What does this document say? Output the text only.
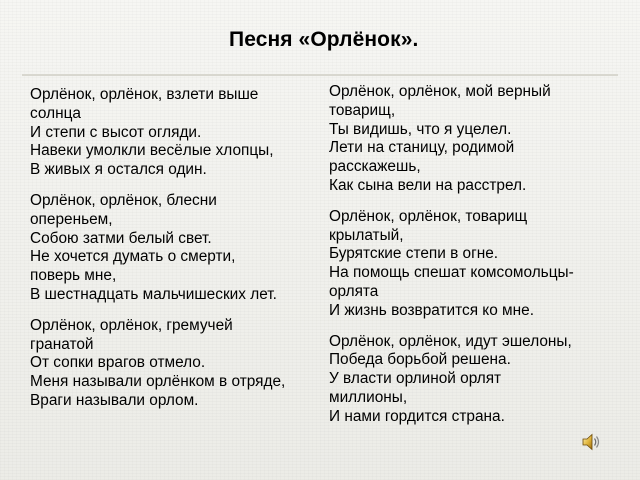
Песня «Орлёнок».
Орлёнок, орлёнок, взлети выше
солнца
И степи с высот огляди.
Навеки умолкли весёлые хлопцы,
В живых я остался один.
Орлёнок, орлёнок, блесни
опереньем,
Собою затми белый свет.
Не хочется думать о смерти,
поверь мне,
В шестнадцать мальчишеских лет.
Орлёнок, орлёнок, гремучей
гранатой
От сопки врагов отмело.
Меня называли орлёнком в отряде,
Враги называли орлом.
Орлёнок, орлёнок, мой верный
товарищ,
Ты видишь, что я уцелел.
Лети на станицу, родимой
расскажешь,
Как сына вели на расстрел.
Орлёнок, орлёнок, товарищ
крылатый,
Бурятские степи в огне.
На помощь спешат комсомольцы-
орлята
И жизнь возвратится ко мне.
Орлёнок, орлёнок, идут эшелоны,
Победа борьбой решена.
У власти орлиной орлят
миллионы,
И нами гордится страна.
